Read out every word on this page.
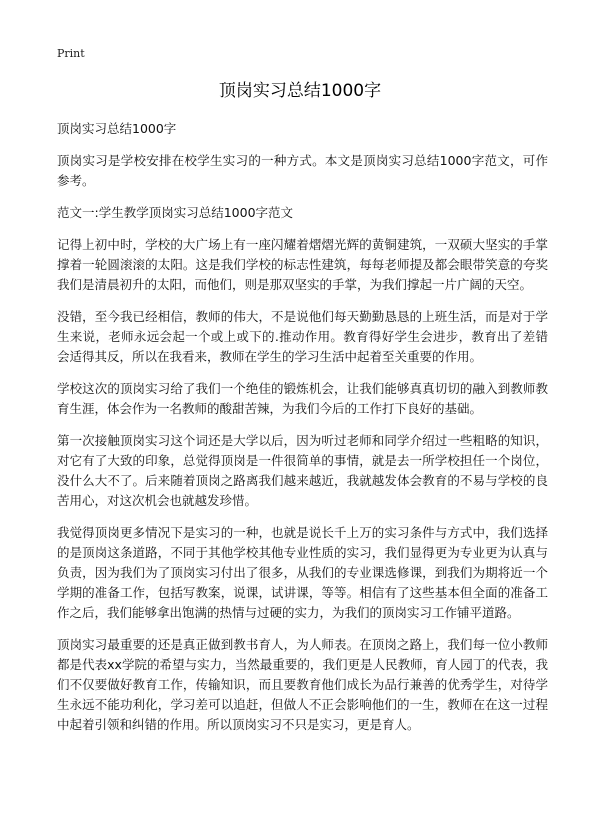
Print
顶岗实习总结1000字

顶岗实习总结1000字

顶岗实习是学校安排在校学生实习的一种方式。本文是顶岗实习总结1000字范文，可作参考。

范文一:学生教学顶岗实习总结1000字范文

记得上初中时，学校的大广场上有一座闪耀着熠熠光辉的黄铜建筑，一双硕大坚实的手掌撑着一轮圆滚滚的太阳。这是我们学校的标志性建筑，每每老师提及都会眼带笑意的夸奖我们是清晨初升的太阳，而他们，则是那双坚实的手掌，为我们撑起一片广阔的天空。

没错，至今我已经相信，教师的伟大，不是说他们每天勤勤恳恳的上班生活，而是对于学生来说，老师永远会起一个或上或下的.推动作用。教育得好学生会进步，教育出了差错会适得其反，所以在我看来，教师在学生的学习生活中起着至关重要的作用。

学校这次的顶岗实习给了我们一个绝佳的锻炼机会，让我们能够真真切切的融入到教师教育生涯，体会作为一名教师的酸甜苦辣，为我们今后的工作打下良好的基础。

第一次接触顶岗实习这个词还是大学以后，因为听过老师和同学介绍过一些粗略的知识，对它有了大致的印象，总觉得顶岗是一件很简单的事情，就是去一所学校担任一个岗位，没什么大不了。后来随着顶岗之路离我们越来越近，我就越发体会教育的不易与学校的良苦用心，对这次机会也就越发珍惜。

我觉得顶岗更多情况下是实习的一种，也就是说长千上万的实习条件与方式中，我们选择的是顶岗这条道路，不同于其他学校其他专业性质的实习，我们显得更为专业更为认真与负责，因为我们为了顶岗实习付出了很多，从我们的专业课选修课，到我们为期将近一个学期的准备工作，包括写教案，说课，试讲课，等等。相信有了这些基本但全面的准备工作之后，我们能够拿出饱满的热情与过硬的实力，为我们的顶岗实习工作铺平道路。

顶岗实习最重要的还是真正做到教书育人，为人师表。在顶岗之路上，我们每一位小教师都是代表xx学院的希望与实力，当然最重要的，我们更是人民教师，育人园丁的代表，我们不仅要做好教育工作，传输知识，而且要教育他们成长为品行兼善的优秀学生，对待学生永远不能功利化，学习差可以追赶，但做人不正会影响他们的一生，教师在在这一过程中起着引领和纠错的作用。所以顶岗实习不只是实习，更是育人。
